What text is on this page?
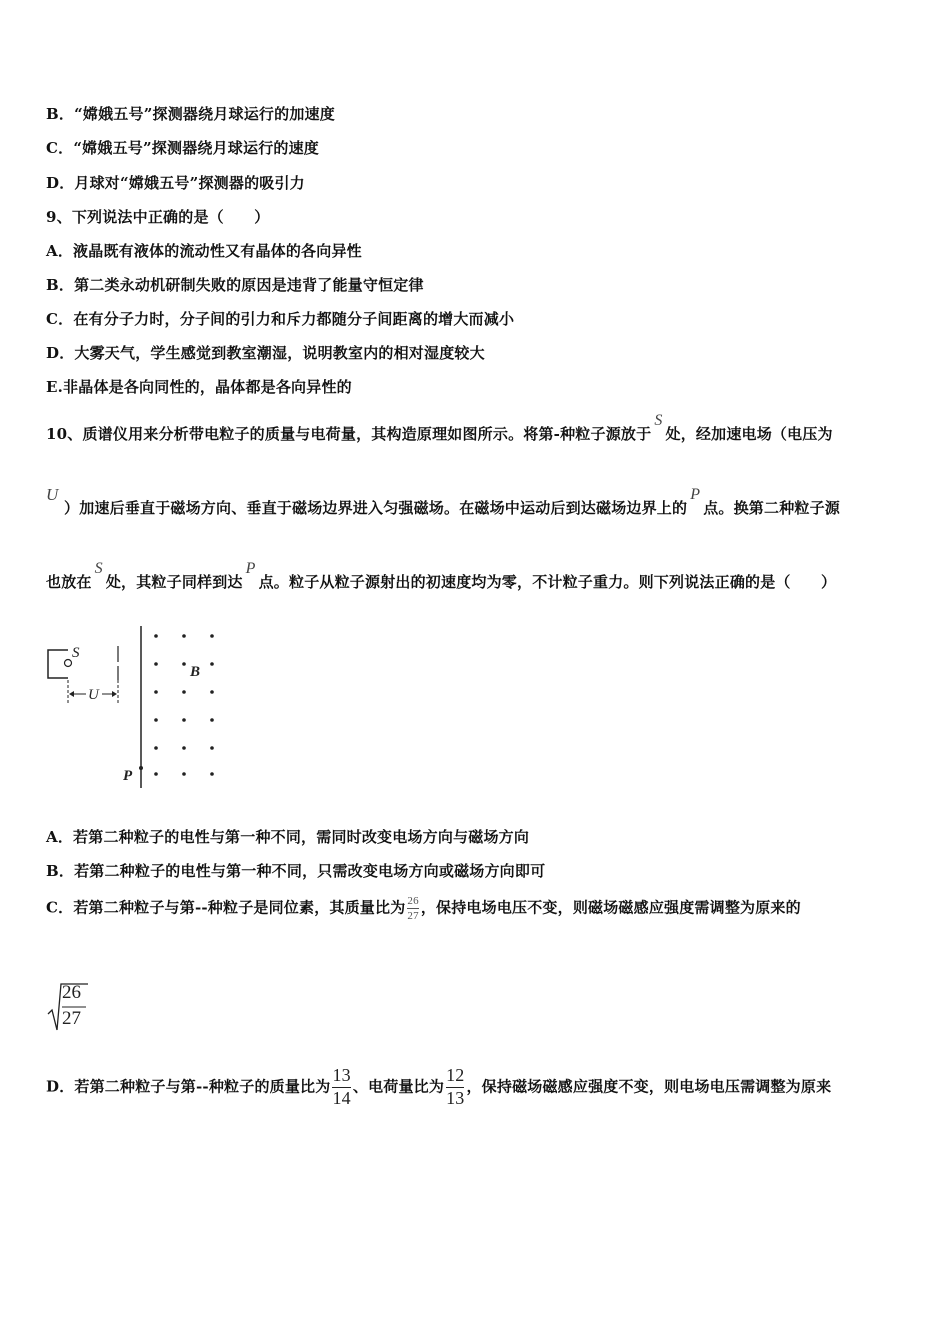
B．“嫦娥五号”探测器绕月球运行的加速度
C．“嫦娥五号”探测器绕月球运行的速度
D．月球对“嫦娥五号”探测器的吸引力
9、下列说法中正确的是（　　）
A．液晶既有液体的流动性又有晶体的各向异性
B．第二类永动机研制失败的原因是违背了能量守恒定律
C．在有分子力时，分子间的引力和斥力都随分子间距离的增大而减小
D．大雾天气，学生感觉到教室潮湿，说明教室内的相对湿度较大
E.非晶体是各向同性的，晶体都是各向异性的
10、质谱仪用来分析带电粒子的质量与电荷量，其构造原理如图所示。将第-种粒子源放于S处，经加速电场（电压为
U
）加速后垂直于磁场方向、垂直于磁场边界进入匀强磁场。在磁场中运动后到达磁场边界上的P点。换第二种粒子源
也放在S处，其粒子同样到达P点。粒子从粒子源射出的初速度均为零，不计粒子重力。则下列说法正确的是（　　）
S
U
B
P
A．若第二种粒子的电性与第一种不同，需同时改变电场方向与磁场方向
B．若第二种粒子的电性与第一种不同，只需改变电场方向或磁场方向即可
C．若第二种粒子与第--种粒子是同位素，其质量比为 $\frac{26}{27}$ ，保持电场电压不变，则磁场磁感应强度需调整为原来的
26
27
D．若第二种粒子与第--种粒子的质量比为 $\frac{13}{14}$ 、电荷量比为 $\frac{12}{13}$ ，保持磁场磁感应强度不变，则电场电压需调整为原来
